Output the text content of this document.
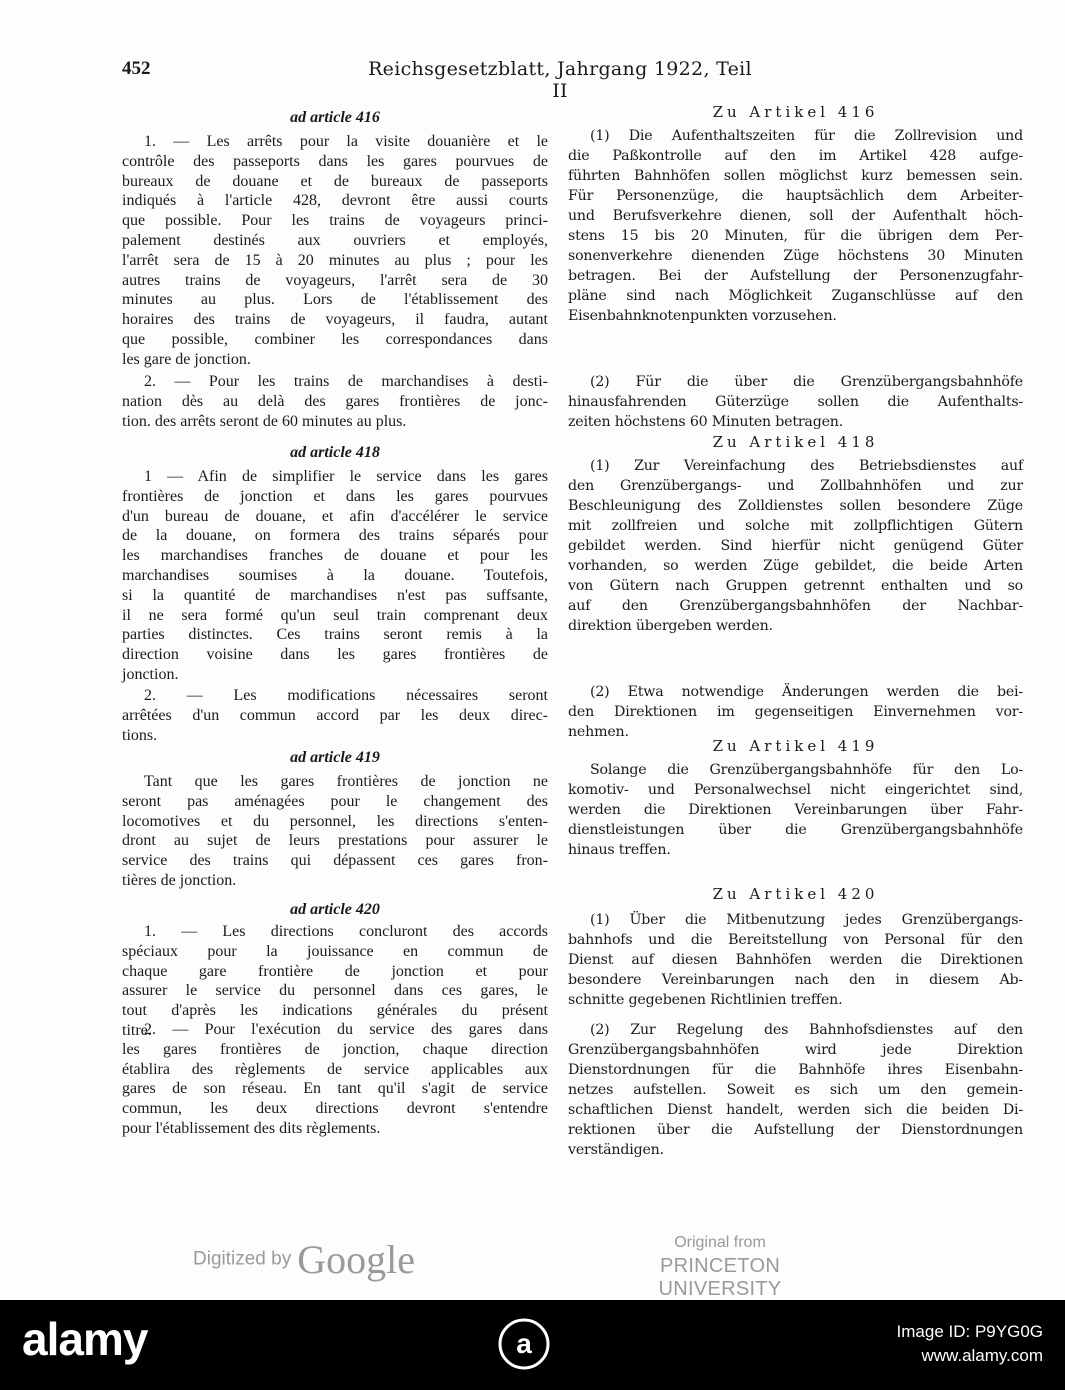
452	Reichsgesetzblatt, Jahrgang 1922, Teil II
ad article 416
1. — Les arrêts pour la visite douanière et le
contrôle des passeports dans les gares pourvues de
bureaux de douane et de bureaux de passeports
indiqués à l'article 428, devront être aussi courts
que possible. Pour les trains de voyageurs princi-
palement destinés aux ouvriers et employés,
l'arrêt sera de 15 à 20 minutes au plus ; pour les
autres trains de voyageurs, l'arrêt sera de 30
minutes au plus. Lors de l'établissement des
horaires des trains de voyageurs, il faudra, autant
que possible, combiner les correspondances dans
les gare de jonction.
2. — Pour les trains de marchandises à desti-
nation dès au delà des gares frontières de jonc-
tion. des arrêts seront de 60 minutes au plus.
ad article 418
1 — Afin de simplifier le service dans les gares
frontières de jonction et dans les gares pourvues
d'un bureau de douane, et afin d'accélérer le service
de la douane, on formera des trains séparés pour
les marchandises franches de douane et pour les
marchandises soumises à la douane. Toutefois,
si la quantité de marchandises n'est pas suffsante,
il ne sera formé qu'un seul train comprenant deux
parties distinctes. Ces trains seront remis à la
direction voisine dans les gares frontières de
jonction.
2. — Les modifications nécessaires seront
arrêtées d'un commun accord par les deux direc-
tions.
ad article 419
Tant que les gares frontières de jonction ne
seront pas aménagées pour le changement des
locomotives et du personnel, les directions s'enten-
dront au sujet de leurs prestations pour assurer le
service des trains qui dépassent ces gares fron-
tières de jonction.
ad article 420
1. — Les directions concluront des accords
spéciaux pour la jouissance en commun de
chaque gare frontière de jonction et pour
assurer le service du personnel dans ces gares, le
tout d'après les indications générales du présent
titre.
2. — Pour l'exécution du service des gares dans
les gares frontières de jonction, chaque direction
établira des règlements de service applicables aux
gares de son réseau. En tant qu'il s'agit de service
commun, les deux directions devront s'entendre
pour l'établissement des dits règlements.
Zu Artikel 416
(1) Die Aufenthaltszeiten für die Zollrevision und
die Paßkontrolle auf den im Artikel 428 aufge-
führten Bahnhöfen sollen möglichst kurz bemessen sein.
Für Personenzüge, die hauptsächlich dem Arbeiter-
und Berufsverkehre dienen, soll der Aufenthalt höch-
stens 15 bis 20 Minuten, für die übrigen dem Per-
sonenverkehre dienenden Züge höchstens 30 Minuten
betragen. Bei der Aufstellung der Personenzugfahr-
pläne sind nach Möglichkeit Zuganschlüsse auf den
Eisenbahnknotenpunkten vorzusehen.
(2) Für die über die Grenzübergangsbahnhöfe
hinausfahrenden Güterzüge sollen die Aufenthalts-
zeiten höchstens 60 Minuten betragen.
Zu Artikel 418
(1) Zur Vereinfachung des Betriebsdienstes auf
den Grenzübergangs- und Zollbahnhöfen und zur
Beschleunigung des Zolldienstes sollen besondere Züge
mit zollfreien und solche mit zollpflichtigen Gütern
gebildet werden. Sind hierfür nicht genügend Güter
vorhanden, so werden Züge gebildet, die beide Arten
von Gütern nach Gruppen getrennt enthalten und so
auf den Grenzübergangsbahnhöfen der Nachbar-
direktion übergeben werden.
(2) Etwa notwendige Änderungen werden die bei-
den Direktionen im gegenseitigen Einvernehmen vor-
nehmen.
Zu Artikel 419
Solange die Grenzübergangsbahnhöfe für den Lo-
komotiv- und Personalwechsel nicht eingerichtet sind,
werden die Direktionen Vereinbarungen über Fahr-
dienstleistungen über die Grenzübergangsbahnhöfe
hinaus treffen.
Zu Artikel 420
(1) Über die Mitbenutzung jedes Grenzübergangs-
bahnhofs und die Bereitstellung von Personal für den
Dienst auf diesen Bahnhöfen werden die Direktionen
besondere Vereinbarungen nach den in diesem Ab-
schnitte gegebenen Richtlinien treffen.
(2) Zur Regelung des Bahnhofsdienstes auf den
Grenzübergangsbahnhöfen wird jede Direktion
Dienstordnungen für die Bahnhöfe ihres Eisenbahn-
netzes aufstellen. Soweit es sich um den gemein-
schaftlichen Dienst handelt, werden sich die beiden Di-
rektionen über die Aufstellung der Dienstordnungen
verständigen.
Digitized by Google	Original from
PRINCETON UNIVERSITY
alamy	a	Image ID: P9YG0G
www.alamy.com
